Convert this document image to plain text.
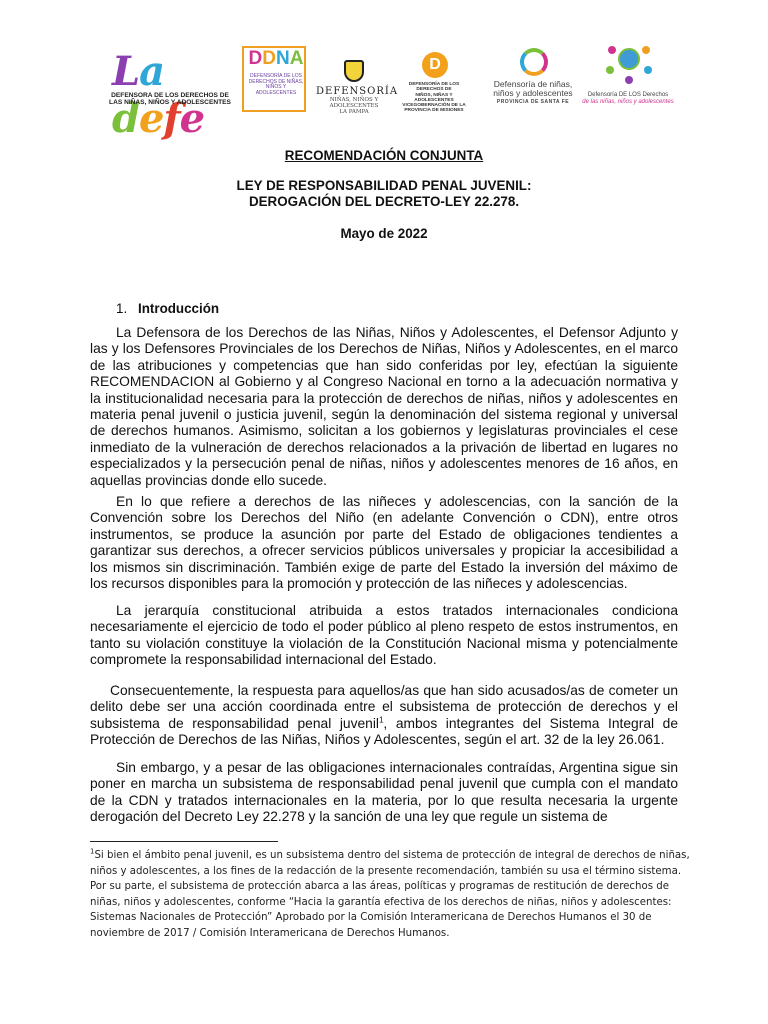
La defe
DEFENSORA DE LOS DERECHOS DE
LAS NIÑAS, NIÑOS Y ADOLESCENTES
DDNA
DEFENSORÍA DE LOS DERECHOS DE NIÑAS, NIÑOS Y ADOLESCENTES	DEFENSORÍA
NIÑAS, NIÑOS Y ADOLESCENTES
LA PAMPA
D
DEFENSORÍA DE LOS DERECHOS DE
NIÑOS, NIÑAS Y ADOLESCENTES
VICEGOBERNACIÓN DE LA
PROVINCIA DE MISIONES
Defensoría de niñas,
niños y adolescentes
PROVINCIA DE SANTA FE
Defensoría DE LOS Derechos
de las niñas, niños y adolescentes
RECOMENDACIÓN CONJUNTA
LEY DE RESPONSABILIDAD PENAL JUVENIL:
DEROGACIÓN DEL DECRETO-LEY 22.278.
Mayo de 2022
1. Introducción

La Defensora de los Derechos de las Niñas, Niños y Adolescentes, el Defensor Adjunto y las y los Defensores Provinciales de los Derechos de Niñas, Niños y Adolescentes, en el marco de las atribuciones y competencias que han sido conferidas por ley, efectúan la siguiente RECOMENDACION al Gobierno y al Congreso Nacional en torno a la adecuación normativa y la institucionalidad necesaria para la protección de derechos de niñas, niños y adolescentes en materia penal juvenil o justicia juvenil, según la denominación del sistema regional y universal de derechos humanos. Asimismo, solicitan a los gobiernos y legislaturas provinciales el cese inmediato de la vulneración de derechos relacionados a la privación de libertad en lugares no especializados y la persecución penal de niñas, niños y adolescentes menores de 16 años, en aquellas provincias donde ello sucede.

En lo que refiere a derechos de las niñeces y adolescencias, con la sanción de la Convención sobre los Derechos del Niño (en adelante Convención o CDN), entre otros instrumentos, se produce la asunción por parte del Estado de obligaciones tendientes a garantizar sus derechos, a ofrecer servicios públicos universales y propiciar la accesibilidad a los mismos sin discriminación. También exige de parte del Estado la inversión del máximo de los recursos disponibles para la promoción y protección de las niñeces y adolescencias.

La jerarquía constitucional atribuida a estos tratados internacionales condiciona necesariamente el ejercicio de todo el poder público al pleno respeto de estos instrumentos, en tanto su violación constituye la violación de la Constitución Nacional misma y potencialmente compromete la responsabilidad internacional del Estado.

Consecuentemente, la respuesta para aquellos/as que han sido acusados/as de cometer un delito debe ser una acción coordinada entre el subsistema de protección de derechos y el subsistema de responsabilidad penal juvenil$^1$, ambos integrantes del Sistema Integral de Protección de Derechos de las Niñas, Niños y Adolescentes, según el art. 32 de la ley 26.061.

Sin embargo, y a pesar de las obligaciones internacionales contraídas, Argentina sigue sin poner en marcha un subsistema de responsabilidad penal juvenil que cumpla con el mandato de la CDN y tratados internacionales en la materia, por lo que resulta necesaria la urgente derogación del Decreto Ley 22.278 y la sanción de una ley que regule un sistema de

$^1$Si bien el ámbito penal juvenil, es un subsistema dentro del sistema de protección de integral de derechos de niñas, niños y adolescentes, a los fines de la redacción de la presente recomendación, también su usa el término sistema. Por su parte, el subsistema de protección abarca a las áreas, políticas y programas de restitución de derechos de niñas, niños y adolescentes, conforme “Hacia la garantía efectiva de los derechos de niñas, niños y adolescentes: Sistemas Nacionales de Protección” Aprobado por la Comisión Interamericana de Derechos Humanos el 30 de noviembre de 2017 / Comisión Interamericana de Derechos Humanos.
